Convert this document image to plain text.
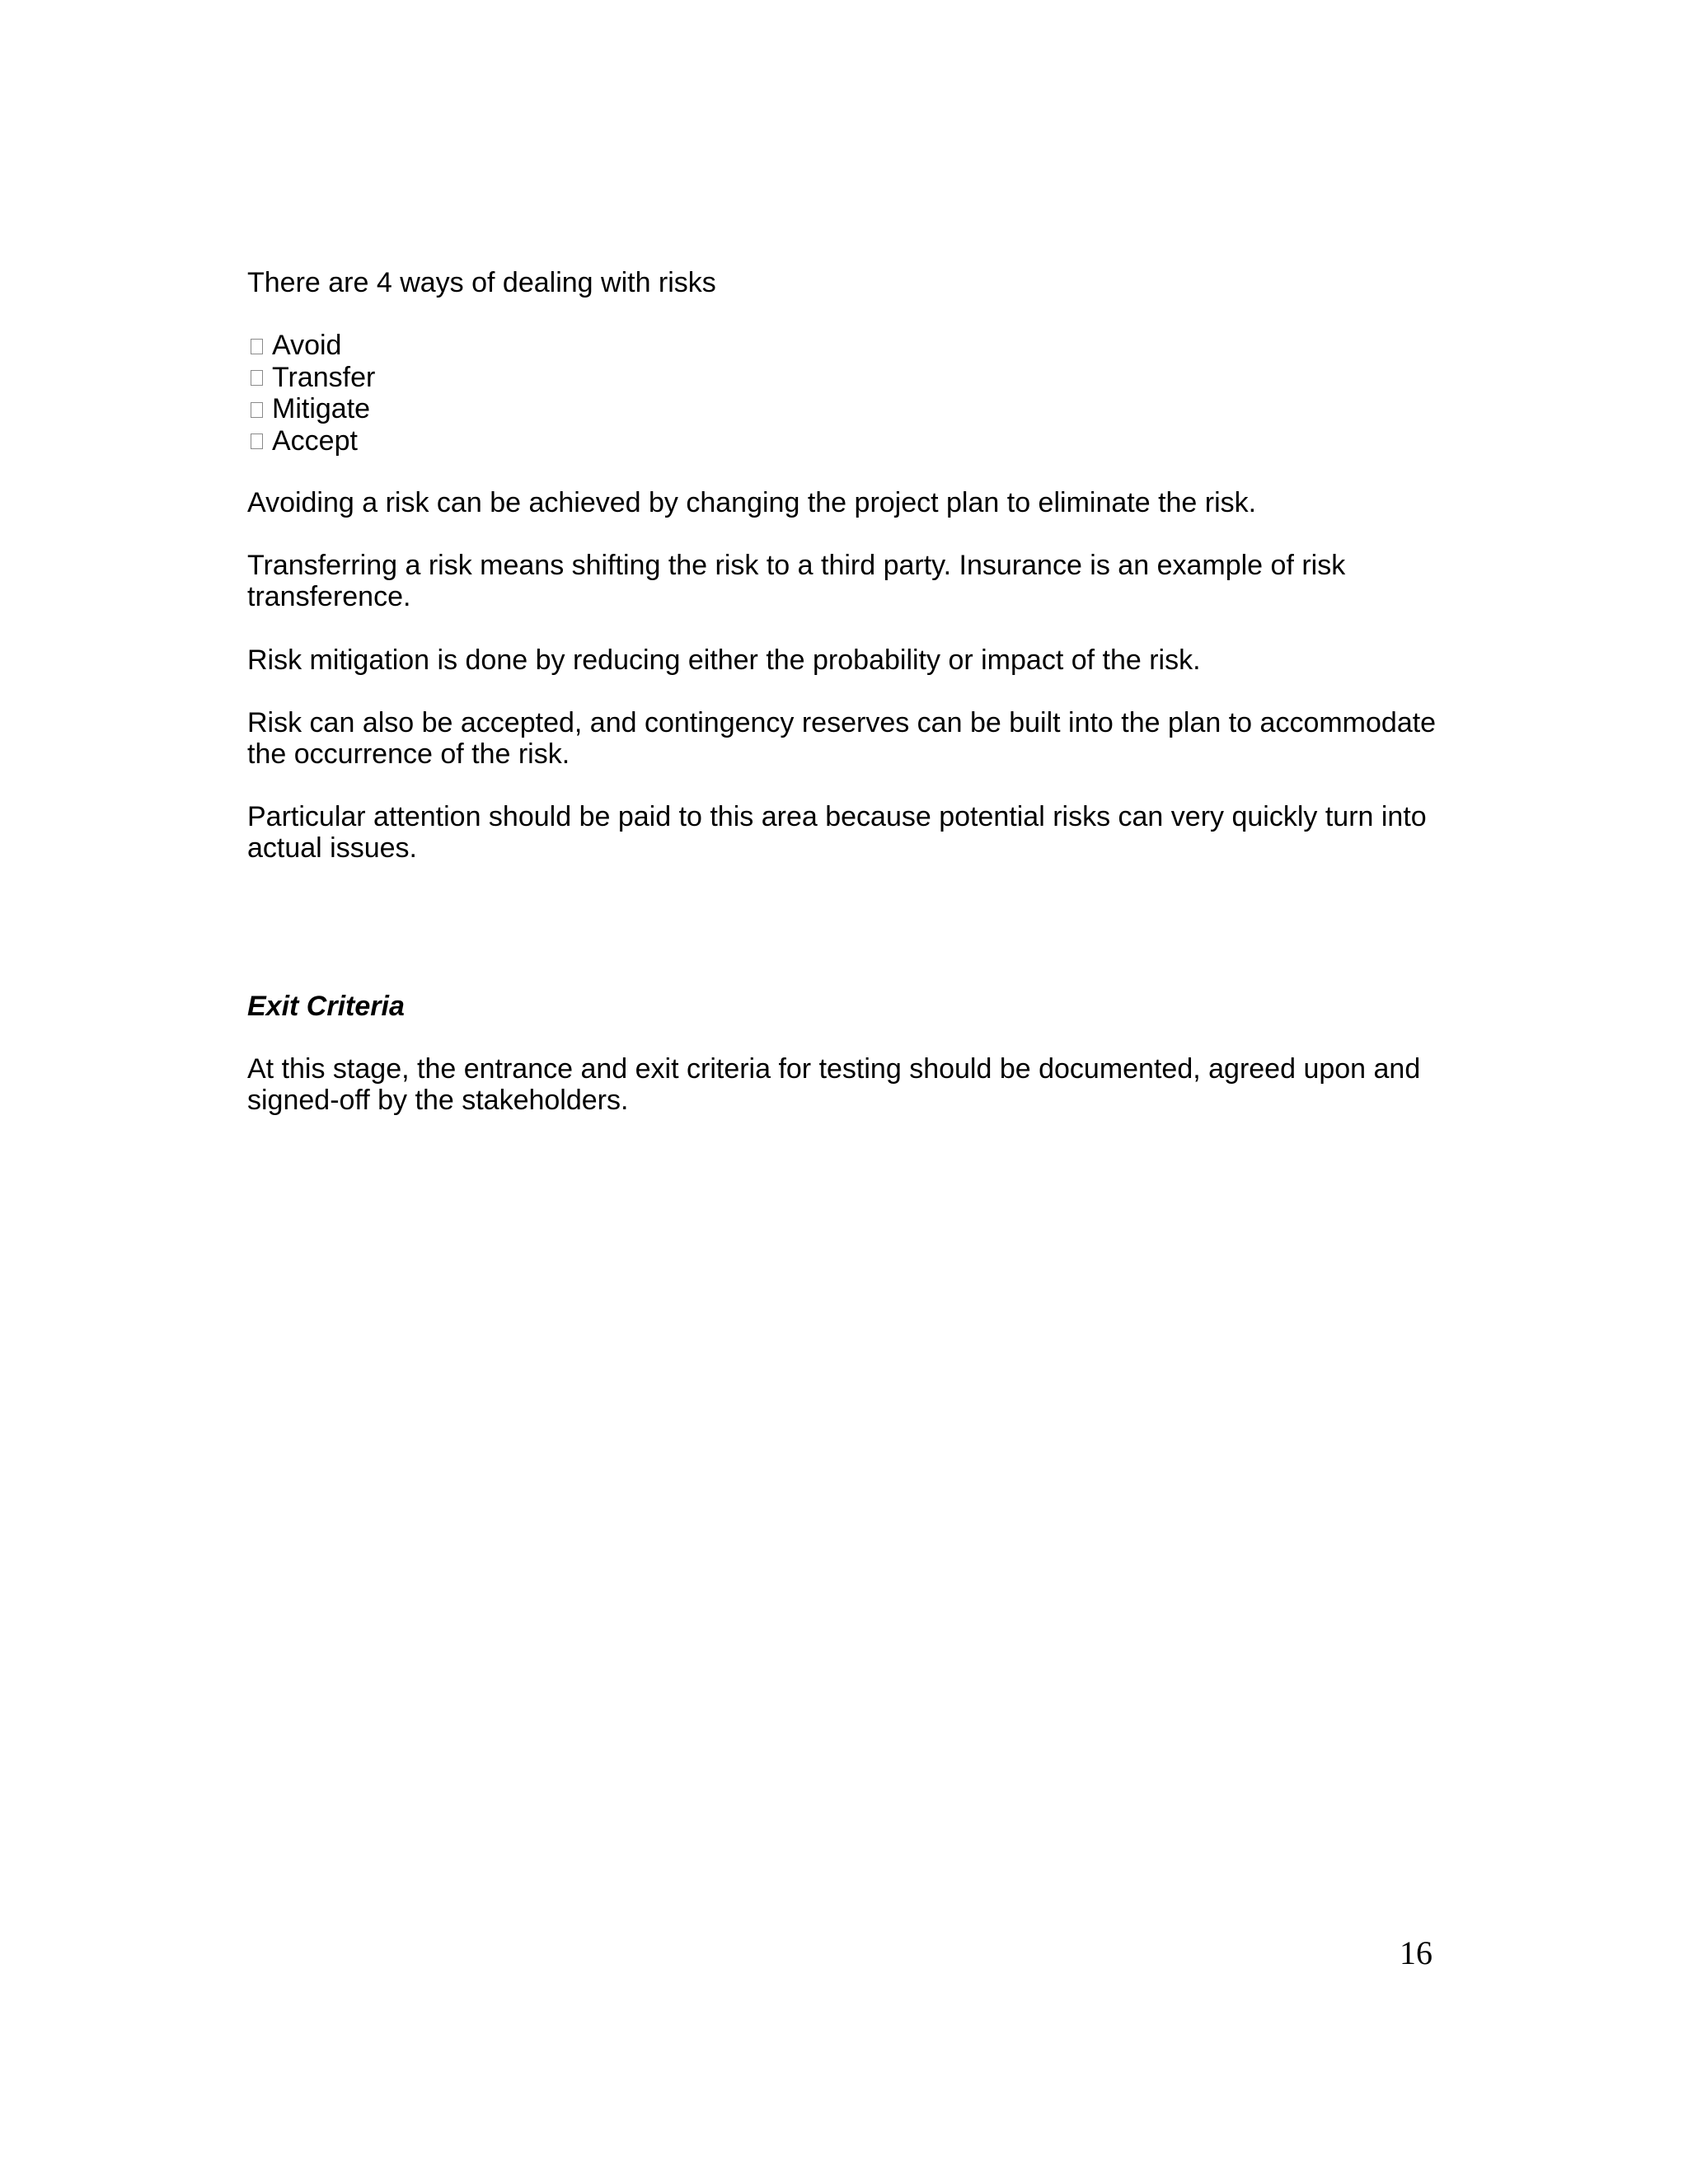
There are 4 ways of dealing with risks

Avoid
Transfer
Mitigate
Accept

Avoiding a risk can be achieved by changing the project plan to eliminate the risk.

Transferring a risk means shifting the risk to a third party. Insurance is an example of risk transference.

Risk mitigation is done by reducing either the probability or impact of the risk.

Risk can also be accepted, and contingency reserves can be built into the plan to accommodate the occurrence of the risk.

Particular attention should be paid to this area because potential risks can very quickly turn into actual issues.

Exit Criteria

At this stage, the entrance and exit criteria for testing should be documented, agreed upon and signed-off by the stakeholders.

16
